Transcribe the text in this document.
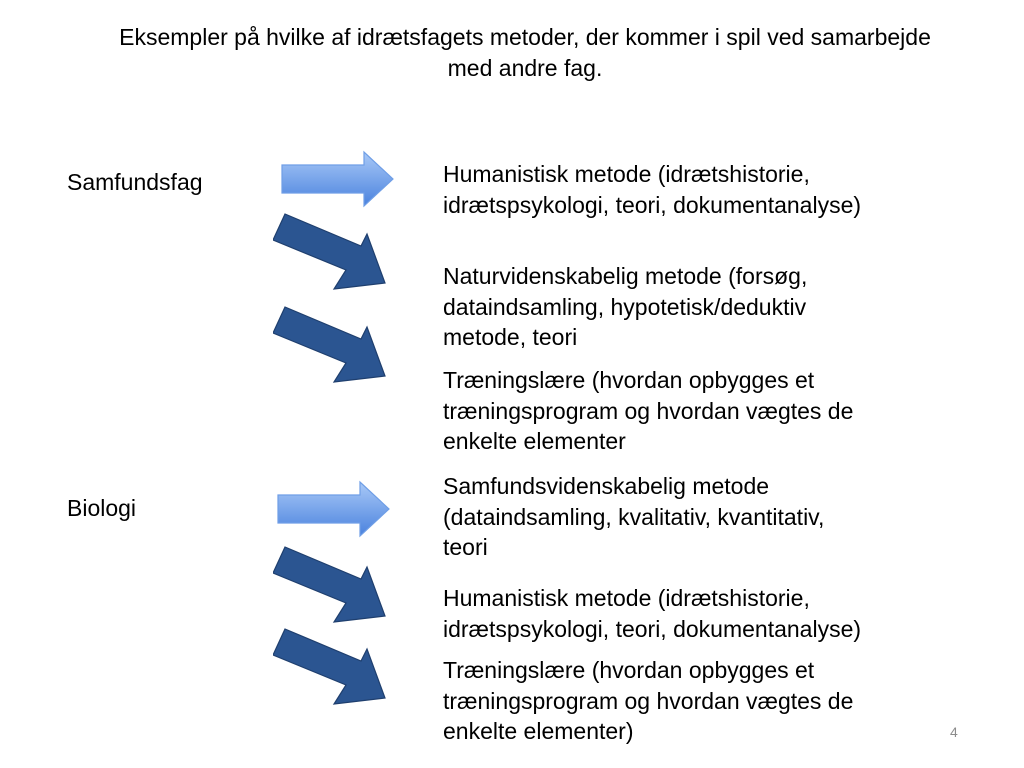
Eksempler på hvilke af idrætsfagets metoder, der kommer i spil ved samarbejde
med andre fag.
Samfundsfag
Biologi
Humanistisk metode (idrætshistorie,
idrætspsykologi, teori, dokumentanalyse)
Naturvidenskabelig metode (forsøg,
dataindsamling, hypotetisk/deduktiv
metode, teori
Træningslære (hvordan opbygges et
træningsprogram og hvordan vægtes de
enkelte elementer
Samfundsvidenskabelig metode
(dataindsamling, kvalitativ, kvantitativ,
teori
Humanistisk metode (idrætshistorie,
idrætspsykologi, teori, dokumentanalyse)
Træningslære (hvordan opbygges et
træningsprogram og hvordan vægtes de
enkelte elementer)	4
